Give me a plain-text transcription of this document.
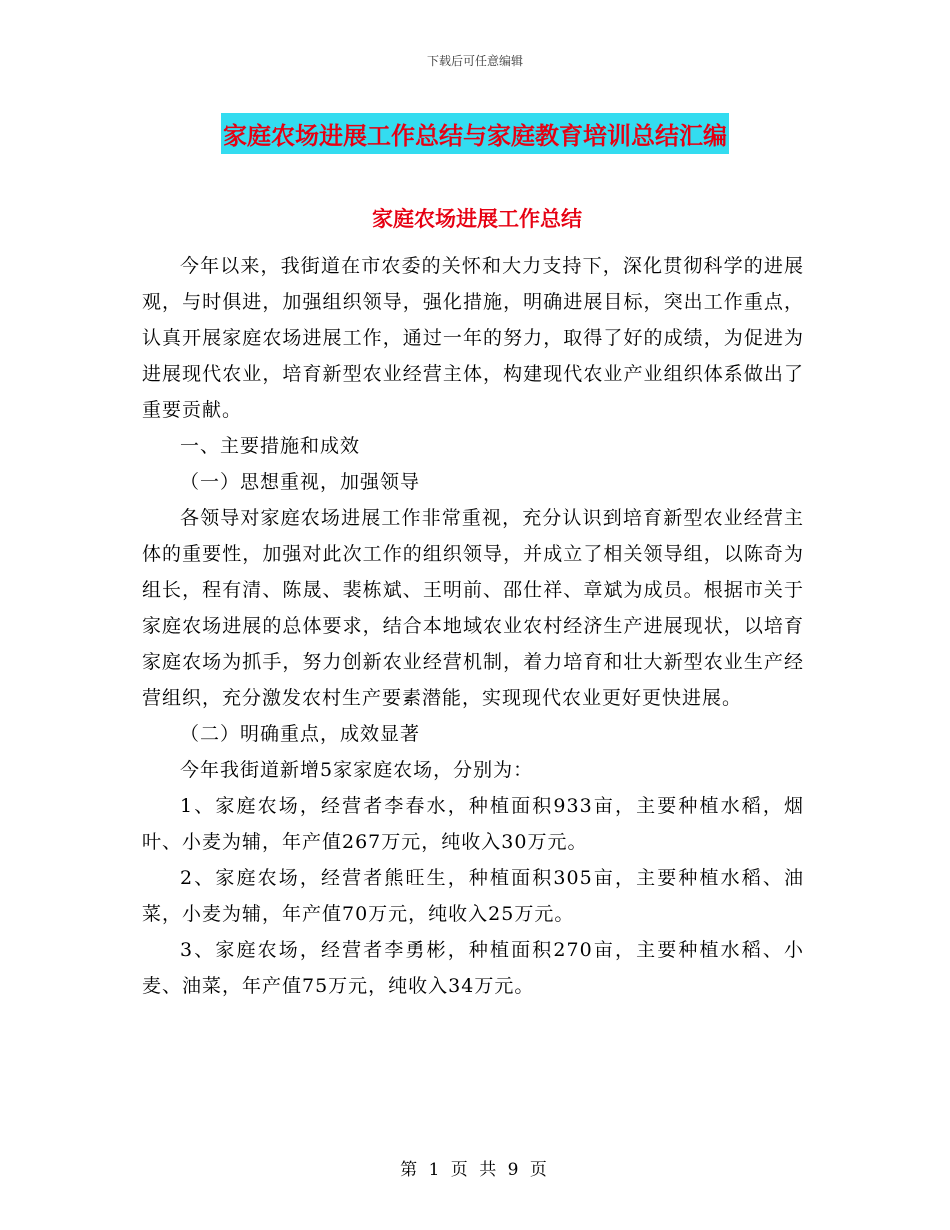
下载后可任意编辑
家庭农场进展工作总结与家庭教育培训总结汇编
家庭农场进展工作总结

今年以来，我街道在市农委的关怀和大力支持下，深化贯彻科学的进展观，与时俱进，加强组织领导，强化措施，明确进展目标，突出工作重点，认真开展家庭农场进展工作，通过一年的努力，取得了好的成绩，为促进为进展现代农业，培育新型农业经营主体，构建现代农业产业组织体系做出了重要贡献。

一、主要措施和成效

（一）思想重视，加强领导

各领导对家庭农场进展工作非常重视，充分认识到培育新型农业经营主体的重要性，加强对此次工作的组织领导，并成立了相关领导组，以陈奇为组长，程有清、陈晟、裴栋斌、王明前、邵仕祥、章斌为成员。根据市关于家庭农场进展的总体要求，结合本地域农业农村经济生产进展现状，以培育家庭农场为抓手，努力创新农业经营机制，着力培育和壮大新型农业生产经营组织，充分激发农村生产要素潜能，实现现代农业更好更快进展。

（二）明确重点，成效显著

今年我街道新增5家家庭农场，分别为：

1、家庭农场，经营者李春水，种植面积933亩，主要种植水稻，烟叶、小麦为辅，年产值267万元，纯收入30万元。

2、家庭农场，经营者熊旺生，种植面积305亩，主要种植水稻、油菜，小麦为辅，年产值70万元，纯收入25万元。

3、家庭农场，经营者李勇彬，种植面积270亩，主要种植水稻、小麦、油菜，年产值75万元，纯收入34万元。

第 1 页 共 9 页
